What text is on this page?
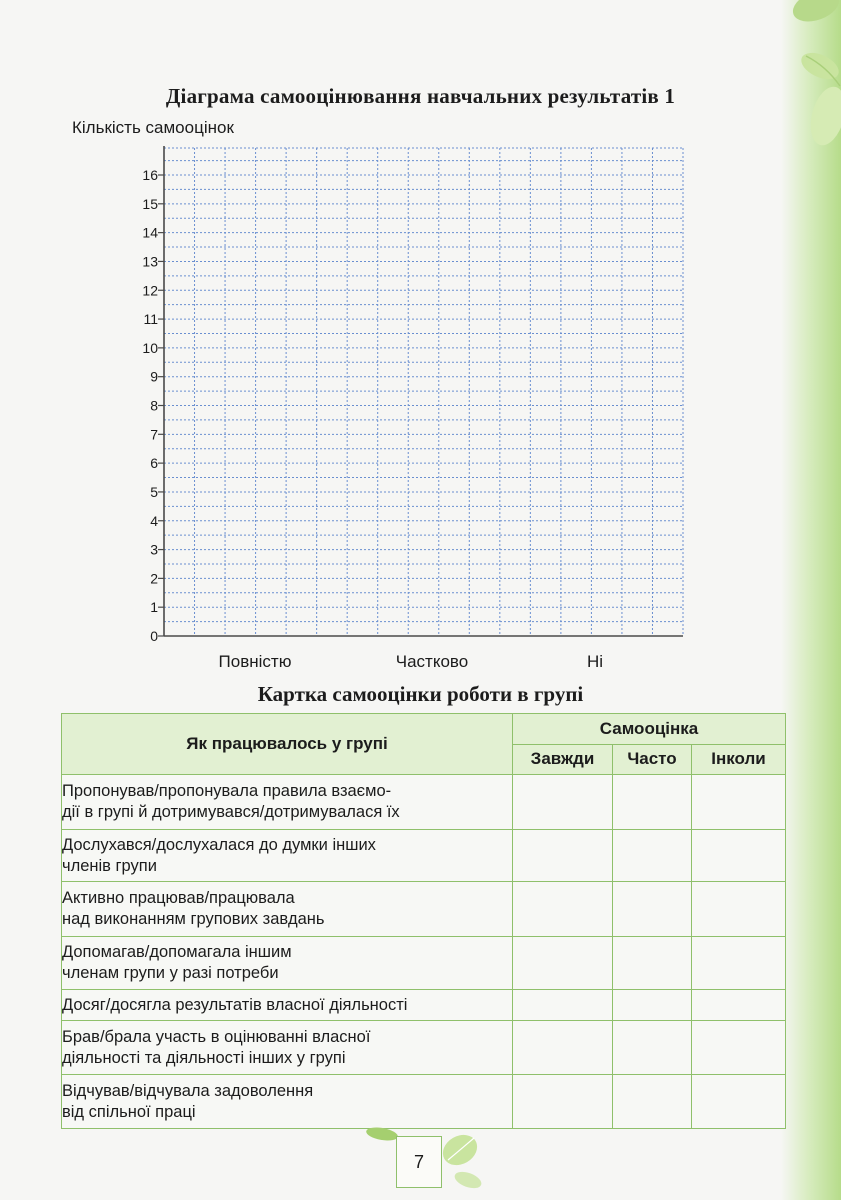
Діаграма самооцінювання навчальних результатів 1
Кількість самооцінок
0
1
2
3
4
5
6
7
8
9
10
11
12
13
14
15
16
Повністю	Частково	Ні
Картка самооцінки роботи в групі
Як працювалось у групі	Самооцінка		
	Завжди	Часто	Інколи

Пропонував/пропонувала правила взаємо-
дії в групі й дотримувався/дотримувалася їх			

Дослухався/дослухалася до думки інших
членів групи			

Активно працював/працювала
над виконанням групових завдань			

Допомагав/допомагала іншим
членам групи у разі потреби			

Досяг/досягла результатів власної діяльності			

Брав/брала участь в оцінюванні власної
діяльності та діяльності інших у групі			

Відчував/відчувала задоволення
від спільної праці			

7
